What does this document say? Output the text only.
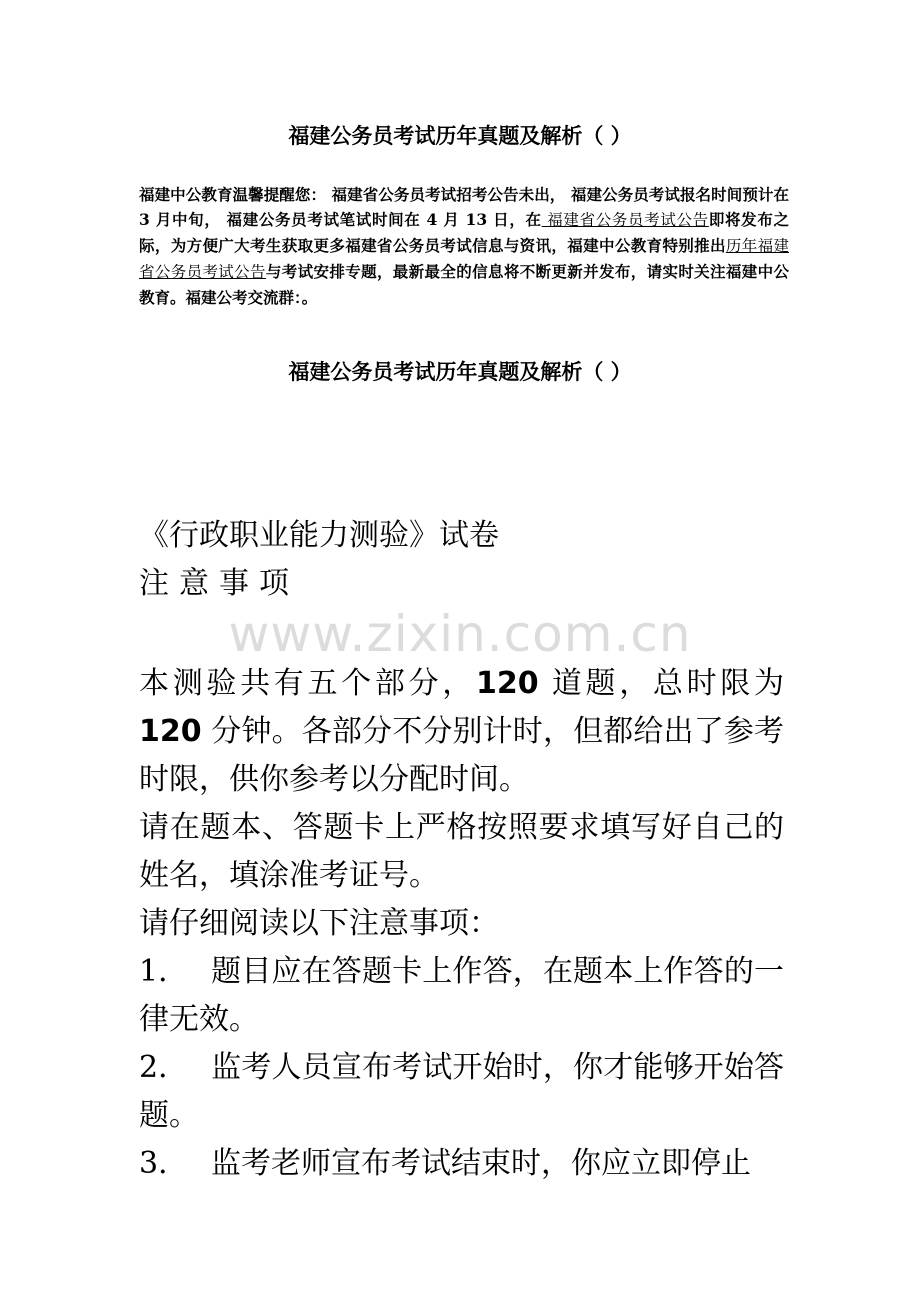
福建公务员考试历年真题及解析（ ）
福建中公教育温馨提醒您： 福建省公务员考试招考公告未出， 福建公务员考试报名时间预计在 3 月中旬， 福建公务员考试笔试时间在 4 月 13 日，在 福建省公务员考试公告即将发布之际，为方便广大考生获取更多福建省公务员考试信息与资讯，福建中公教育特别推出历年福建省公务员考试公告与考试安排专题，最新最全的信息将不断更新并发布，请实时关注福建中公教育。福建公考交流群：。
福建公务员考试历年真题及解析（ ）
《行政职业能力测验》试卷
注意事项
www.zixin.com.cn

本测验共有五个部分，120 道题，总时限为 120 分钟。各部分不分别计时，但都给出了参考时限，供你参考以分配时间。

请在题本、答题卡上严格按照要求填写好自己的姓名，填涂准考证号。

请仔细阅读以下注意事项：

1． 题目应在答题卡上作答，在题本上作答的一律无效。

2． 监考人员宣布考试开始时，你才能够开始答题。

3． 监考老师宣布考试结束时，你应立即停止
